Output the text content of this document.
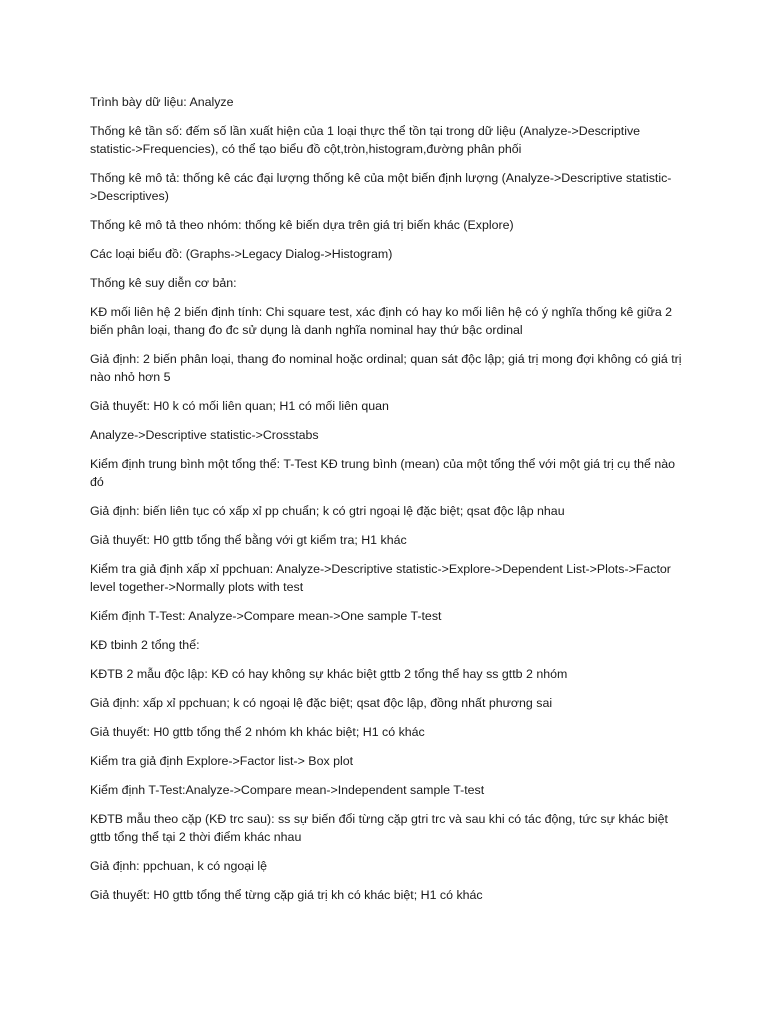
Trình bày dữ liệu: Analyze

Thống kê tần số: đếm số lần xuất hiện của 1 loại thực thể tồn tại trong dữ liệu (Analyze->Descriptive statistic->Frequencies), có thể tạo biểu đồ cột,tròn,histogram,đường phân phối

Thống kê mô tả: thống kê các đại lượng thống kê của một biến định lượng (Analyze->Descriptive statistic->Descriptives)

Thống kê mô tả theo nhóm: thống kê biến dựa trên giá trị biến khác (Explore)

Các loại biểu đồ: (Graphs->Legacy Dialog->Histogram)

Thống kê suy diễn cơ bản:

KĐ mối liên hệ 2 biến định tính: Chi square test, xác định có hay ko mối liên hệ có ý nghĩa thống kê giữa 2 biến phân loại, thang đo đc sử dụng là danh nghĩa nominal hay thứ bậc ordinal

Giả định: 2 biến phân loại, thang đo nominal hoặc ordinal; quan sát độc lập; giá trị mong đợi không có giá trị nào nhỏ hơn 5

Giả thuyết: H0 k có mối liên quan; H1 có mối liên quan

Analyze->Descriptive statistic->Crosstabs

Kiểm định trung bình một tổng thể: T-Test KĐ trung bình (mean) của một tổng thể với một giá trị cụ thể nào đó

Giả định: biến liên tục có xấp xỉ pp chuẩn; k có gtri ngoại lệ đặc biệt; qsat độc lập nhau

Giả thuyết: H0 gttb tổng thể bằng với gt kiểm tra; H1 khác

Kiểm tra giả định xấp xỉ ppchuan: Analyze->Descriptive statistic->Explore->Dependent List->Plots->Factor level together->Normally plots with test

Kiểm định T-Test: Analyze->Compare mean->One sample T-test

KĐ tbinh 2 tổng thể:

KĐTB 2 mẫu độc lập: KĐ có hay không sự khác biệt gttb 2 tổng thể hay ss gttb 2 nhóm

Giả định: xấp xỉ ppchuan; k có ngoại lệ đặc biệt; qsat độc lập, đồng nhất phương sai

Giả thuyết: H0 gttb tổng thể 2 nhóm kh khác biệt; H1 có khác

Kiểm tra giả định Explore->Factor list-> Box plot

Kiểm định T-Test:Analyze->Compare mean->Independent sample T-test

KĐTB mẫu theo cặp (KĐ trc sau): ss sự biến đổi từng cặp gtri trc và sau khi có tác động, tức sự khác biệt gttb tổng thể tại 2 thời điểm khác nhau

Giả định: ppchuan, k có ngoại lệ

Giả thuyết: H0 gttb tổng thể từng cặp giá trị kh có khác biệt; H1 có khác
